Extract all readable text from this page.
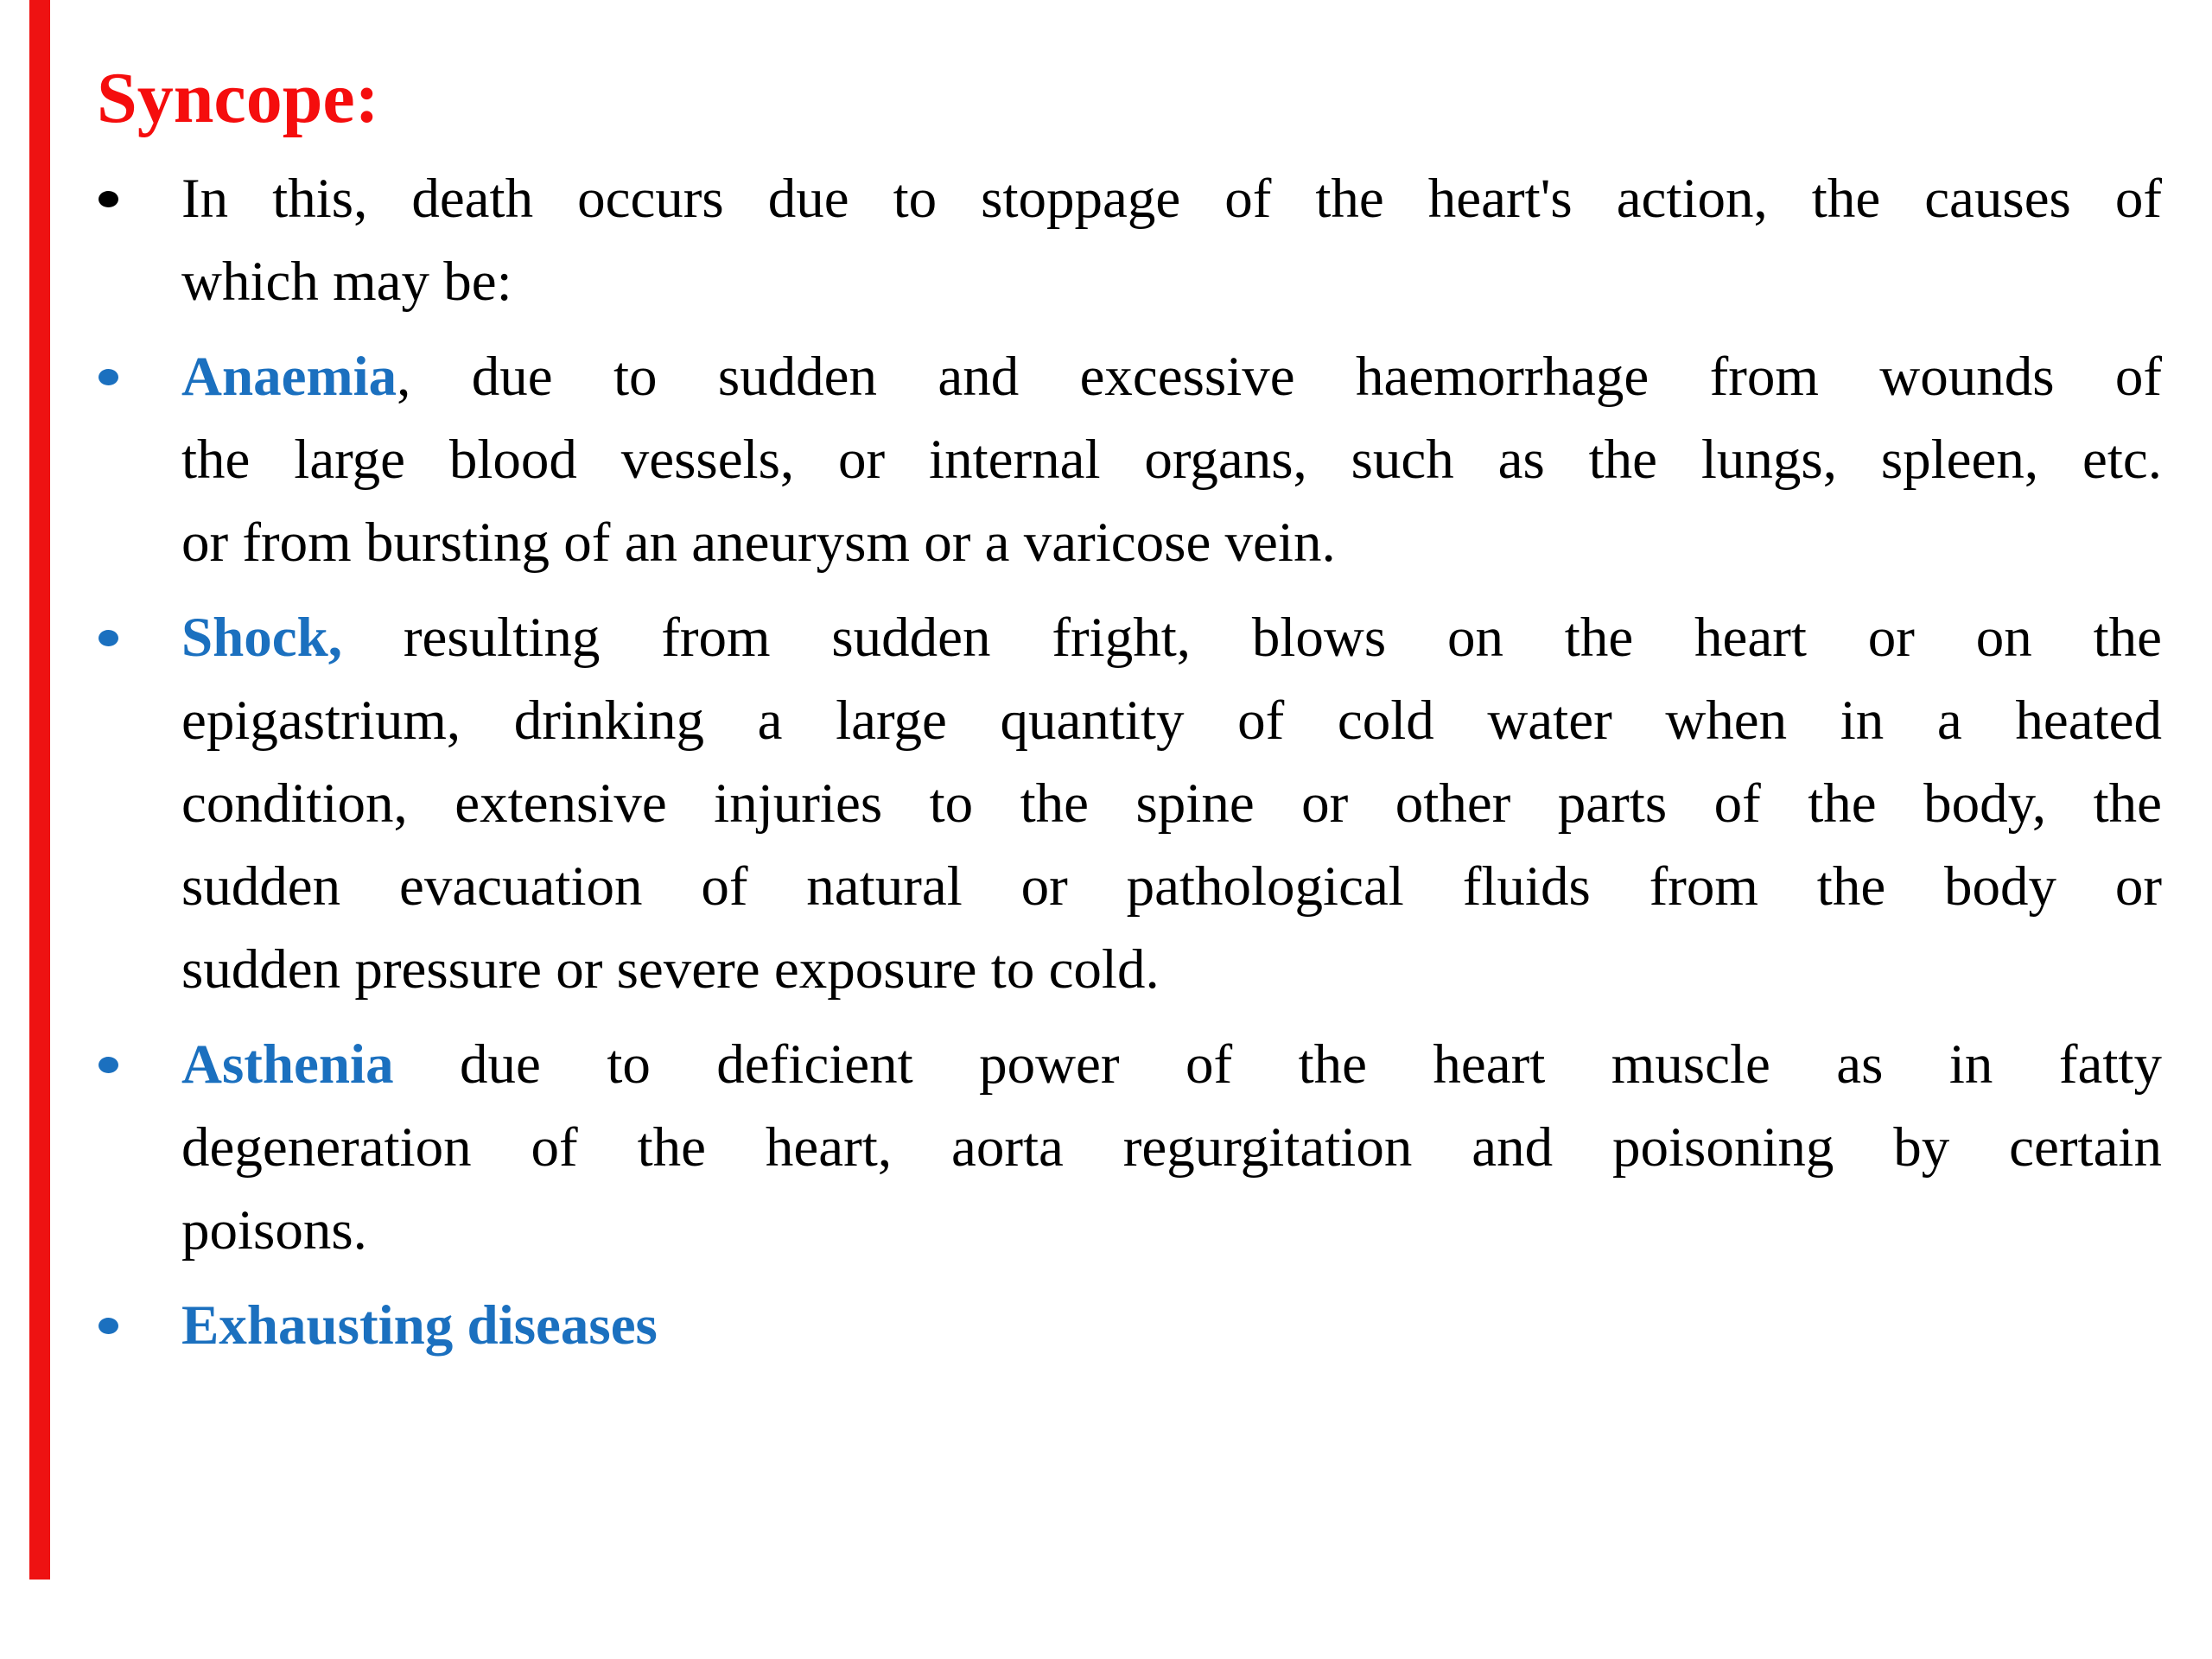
Syncope:
In this, death occurs due to stoppage of the heart's action, the causes of
which may be:
Anaemia, due to sudden and excessive haemorrhage from wounds of
the large blood vessels, or internal organs, such as the lungs, spleen, etc.
or from bursting of an aneurysm or a varicose vein.
Shock, resulting from sudden fright, blows on the heart or on the
epigastrium, drinking a large quantity of cold water when in a heated
condition, extensive injuries to the spine or other parts of the body, the
sudden evacuation of natural or pathological fluids from the body or
sudden pressure or severe exposure to cold.
Asthenia due to deficient power of the heart muscle as in fatty
degeneration of the heart, aorta regurgitation and poisoning by certain
poisons.
Exhausting diseases
